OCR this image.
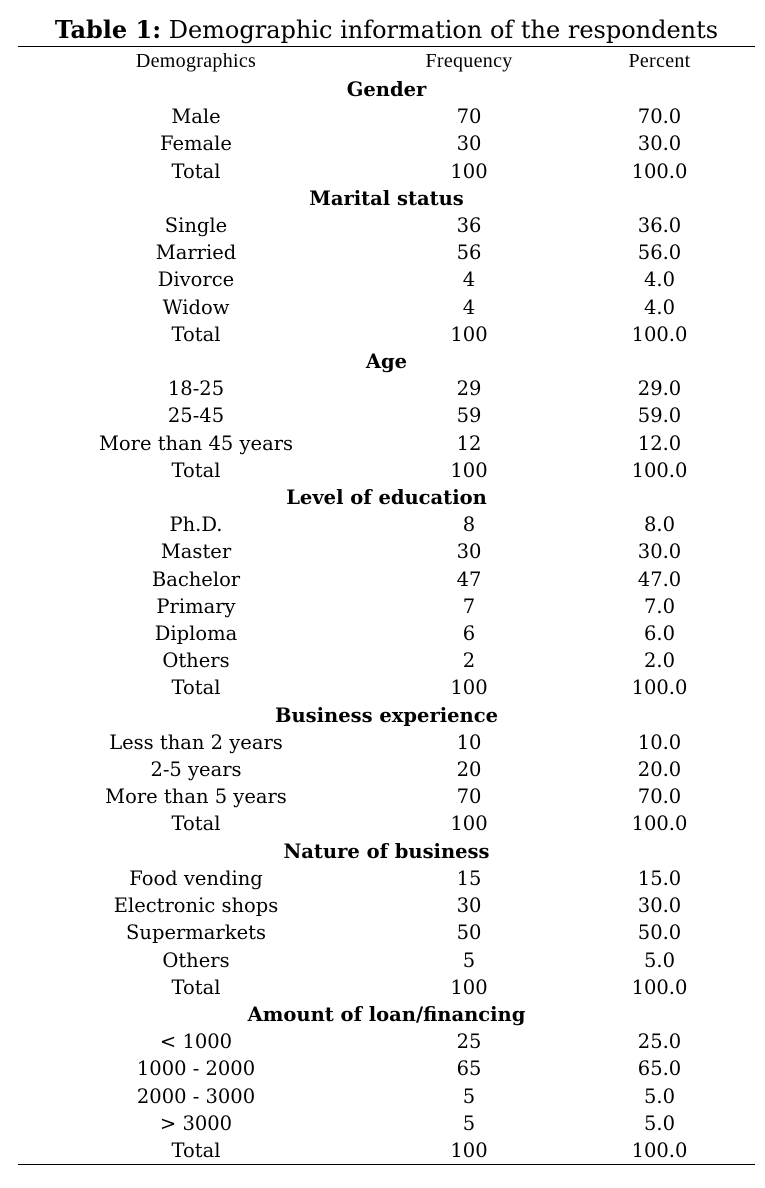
Table 1: Demographic information of the respondents
Demographics	Frequency	Percent
Gender		
Male	70	70.0
Female	30	30.0
Total	100	100.0
Marital status		
Single	36	36.0
Married	56	56.0
Divorce	4	4.0
Widow	4	4.0
Total	100	100.0
Age		
18-25	29	29.0
25-45	59	59.0
More than 45 years	12	12.0
Total	100	100.0
Level of education		
Ph.D.	8	8.0
Master	30	30.0
Bachelor	47	47.0
Primary	7	7.0
Diploma	6	6.0
Others	2	2.0
Total	100	100.0
Business experience		
Less than 2 years	10	10.0
2-5 years	20	20.0
More than 5 years	70	70.0
Total	100	100.0
Nature of business		
Food vending	15	15.0
Electronic shops	30	30.0
Supermarkets	50	50.0
Others	5	5.0
Total	100	100.0
Amount of loan/financing		
< 1000	25	25.0
1000 - 2000	65	65.0
2000 - 3000	5	5.0
> 3000	5	5.0
Total	100	100.0
